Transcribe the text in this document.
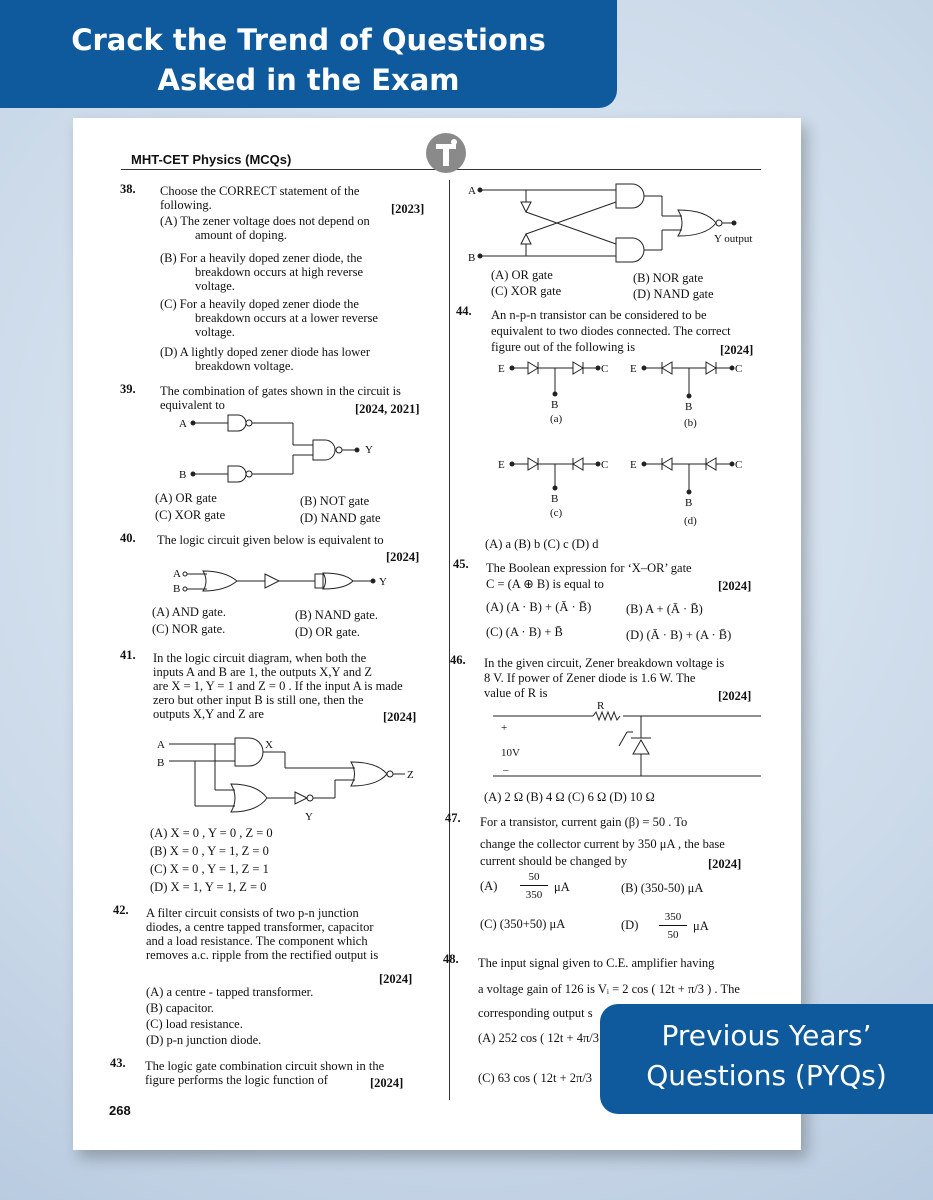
Crack the Trend of Questions
Asked in the Exam
MHT-CET Physics (MCQs)
38. Choose the CORRECT statement of the
following.	[2023]
(A) The zener voltage does not depend on
amount of doping.
(B) For a heavily doped zener diode, the
breakdown occurs at high reverse
voltage.
(C) For a heavily doped zener diode the
breakdown occurs at a lower reverse
voltage.
(D) A lightly doped zener diode has lower
breakdown voltage.
39. The combination of gates shown in the circuit is
equivalent to	[2024, 2021]
A
B
Y
(A) OR gate	(B) NOT gate
(C) XOR gate	(D) NAND gate
40. The logic circuit given below is equivalent to
[2024]
A
B
Y
(A) AND gate.	(B) NAND gate.
(C) NOR gate.	(D) OR gate.
41. In the logic circuit diagram, when both the
inputs A and B are 1, the outputs X,Y and Z
are X = 1, Y = 1 and Z = 0 . If the input A is made
zero but other input B is still one, then the
outputs X,Y and Z are	[2024]
A
B
X
Y
Z
(A) X = 0 , Y = 0 , Z = 0
(B) X = 0 , Y = 1, Z = 0
(C) X = 0 , Y = 1, Z = 1
(D) X = 1, Y = 1, Z = 0
42. A filter circuit consists of two p-n junction
diodes, a centre tapped transformer, capacitor
and a load resistance. The component which
removes a.c. ripple from the rectified output is
[2024]
(A) a centre - tapped transformer.
(B) capacitor.
(C) load resistance.
(D) p-n junction diode.
43. The logic gate combination circuit shown in the
figure performs the logic function of	[2024]
268
A
B
Y output
(A) OR gate	(B) NOR gate
(C) XOR gate	(D) NAND gate
44. An n-p-n transistor can be considered to be
equivalent to two diodes connected. The correct
figure out of the following is	[2024]
E	C
B
(a)
E	C
B
(b)
E	C
B
(c)
E	C
B
(d)
(A) a (B) b (C) c (D) d
45. The Boolean expression for ‘X–OR’ gate
C = (A ⊕ B) is equal to	[2024]
(A) (A · B) + (Ā · B̄)	(B) A + (Ā · B̄)
(C) (A · B) + B̄	(D) (Ā · B) + (A · B̄)
46. In the given circuit, Zener breakdown voltage is
8 V. If power of Zener diode is 1.6 W. The
value of R is	[2024]
R
+
10V
–
(A) 2 Ω (B) 4 Ω (C) 6 Ω (D) 10 Ω
47. For a transistor, current gain (β) = 50 . To
change the collector current by 350 μA , the base
current should be changed by	[2024]
(A)
50
350
μA	(B) (350-50) μA
(C) (350+50) μA	(D)
350
50
μA
48. The input signal given to C.E. amplifier having
a voltage gain of 126 is Vᵢ = 2 cos ( 12t + π/3 ) . The
corresponding output s
(A) 252 cos ( 12t + 4π/3
(C) 63 cos ( 12t + 2π/3
Previous Years’
Questions (PYQs)
